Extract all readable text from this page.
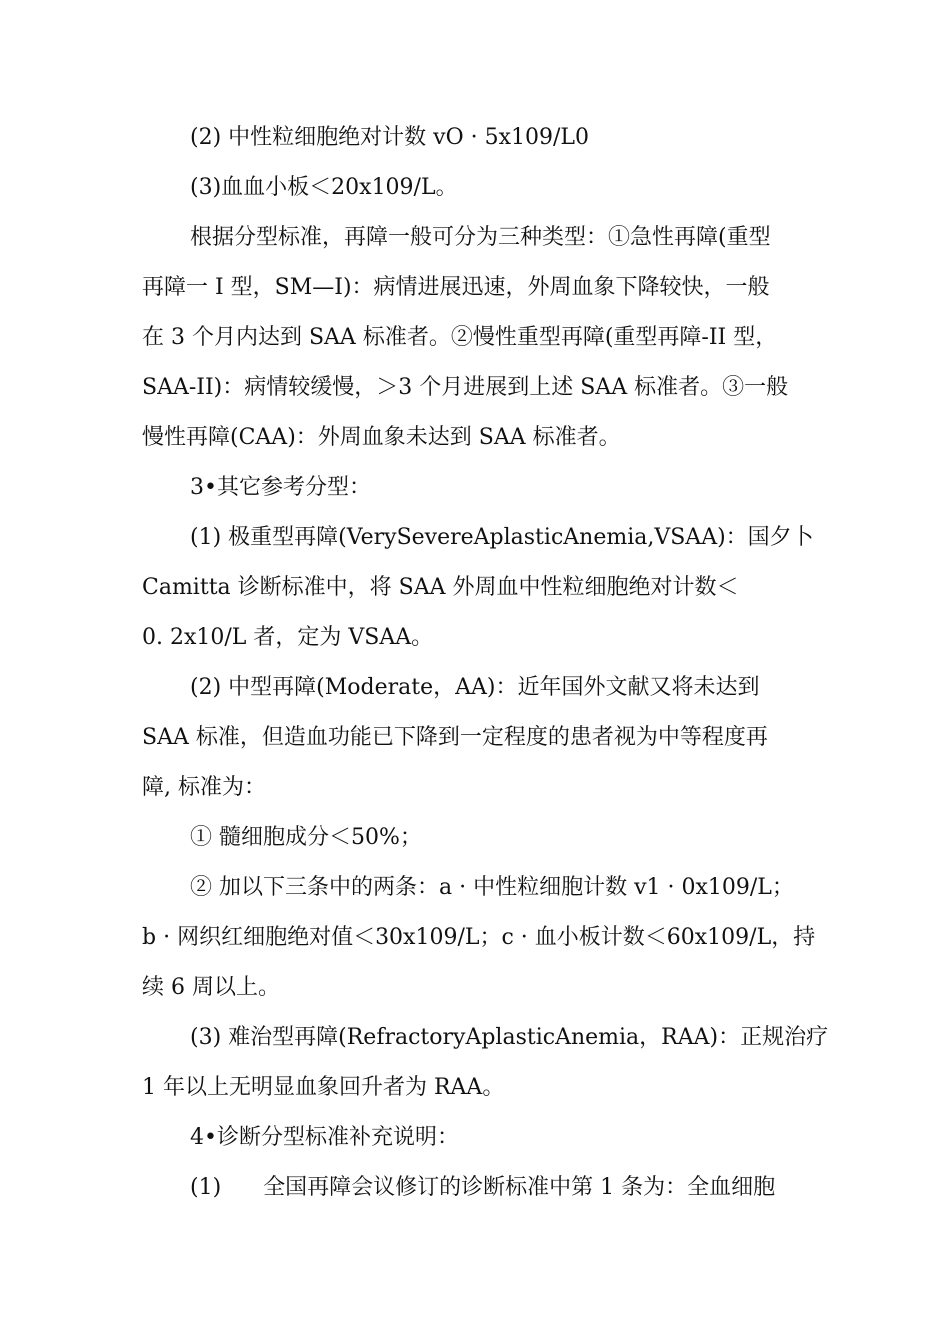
(2) 中性粒细胞绝对计数 vO · 5x109/L0
(3)血血小板＜20x109/L。
根据分型标准，再障一般可分为三种类型：①急性再障(重型
再障一 I 型，SM—I)：病情进展迅速，外周血象下降较快，一般
在 3 个月内达到 SAA 标准者。②慢性重型再障(重型再障-II 型，
SAA-II)：病情较缓慢，＞3 个月进展到上述 SAA 标准者。③一般
慢性再障(CAA)：外周血象未达到 SAA 标准者。
3•其它参考分型：
(1) 极重型再障(VerySevereAplasticAnemia,VSAA)：国夕卜
Camitta 诊断标准中，将 SAA 外周血中性粒细胞绝对计数＜
0. 2x10/L 者，定为 VSAA。
(2) 中型再障(Moderate，AA)：近年国外文献又将未达到
SAA 标准，但造血功能已下降到一定程度的患者视为中等程度再
障, 标准为：
① 髓细胞成分＜50%；
② 加以下三条中的两条：a · 中性粒细胞计数 v1 · 0x109/L；
b · 网织红细胞绝对值＜30x109/L；c · 血小板计数＜60x109/L，持
续 6 周以上。
(3) 难治型再障(RefractoryAplasticAnemia，RAA)：正规治疗
1 年以上无明显血象回升者为 RAA。
4•诊断分型标准补充说明：
(1)      全国再障会议修订的诊断标准中第 1 条为：全血细胞
